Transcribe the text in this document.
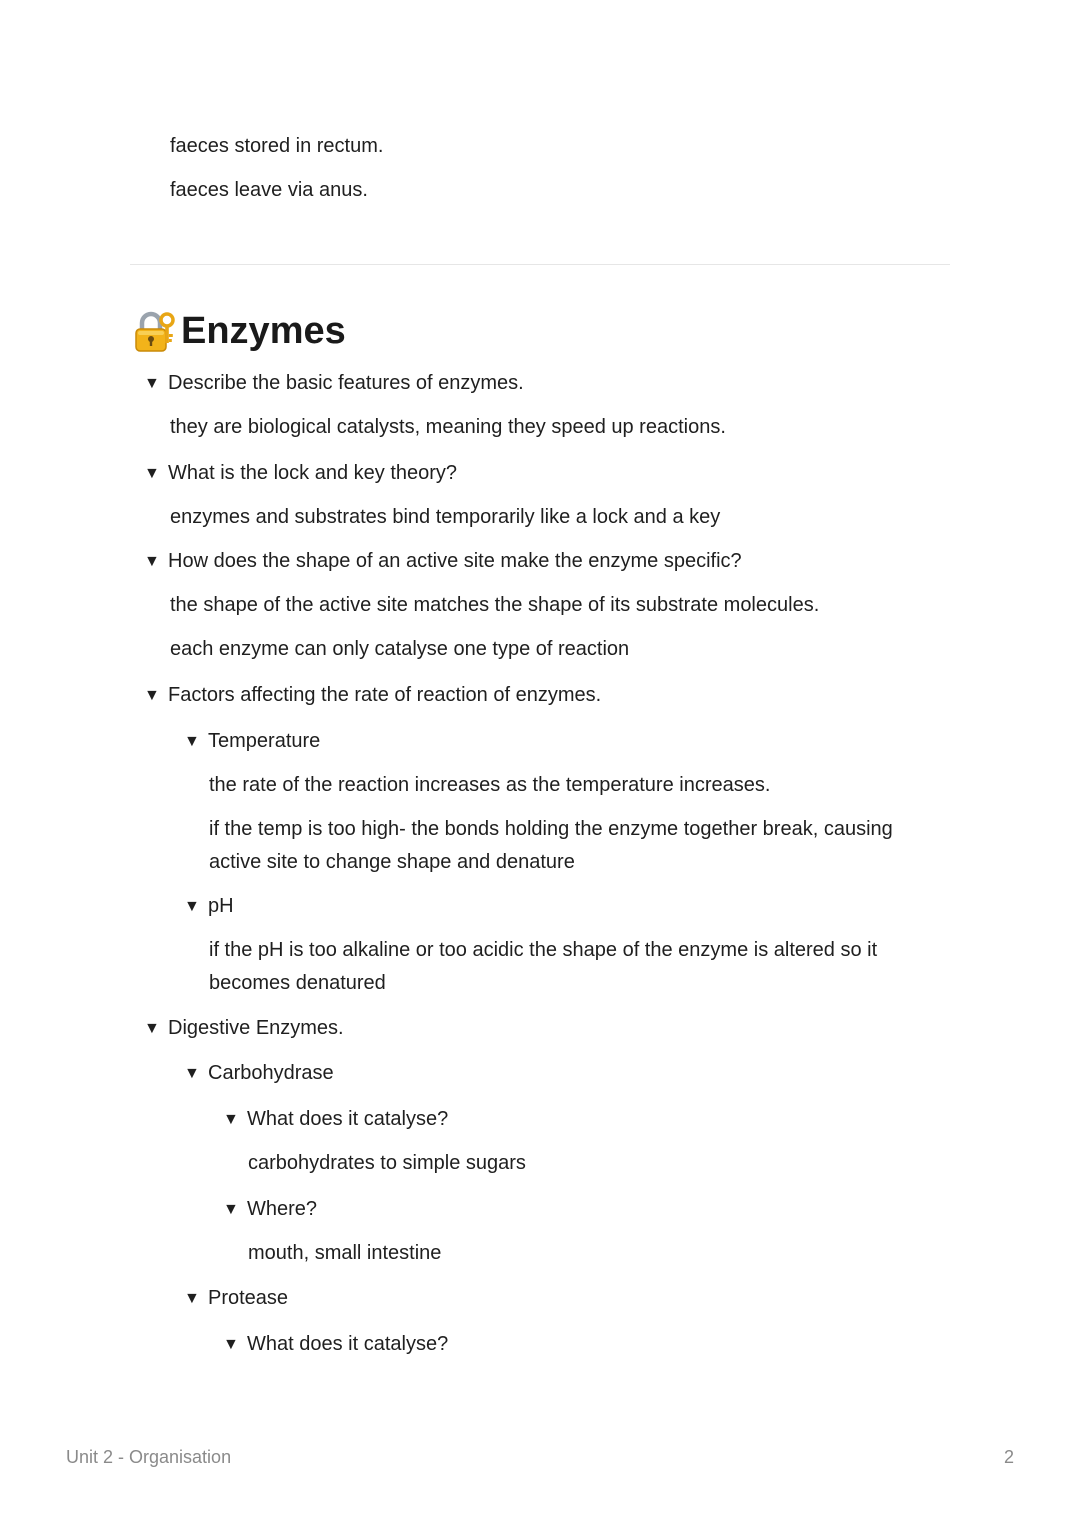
faeces stored in rectum.
faeces leave via anus.
Enzymes
▼ Describe the basic features of enzymes.
they are biological catalysts, meaning they speed up reactions.
▼ What is the lock and key theory?
enzymes and substrates bind temporarily like a lock and a key
▼ How does the shape of an active site make the enzyme specific?
the shape of the active site matches the shape of its substrate molecules.
each enzyme can only catalyse one type of reaction
▼ Factors affecting the rate of reaction of enzymes.
▼ Temperature
the rate of the reaction increases as the temperature increases.
if the temp is too high- the bonds holding the enzyme together break, causing active site to change shape and denature
▼ pH
if the pH is too alkaline or too acidic the shape of the enzyme is altered so it becomes denatured
▼ Digestive Enzymes.
▼ Carbohydrase
▼ What does it catalyse?
carbohydrates to simple sugars
▼ Where?
mouth, small intestine
▼ Protease
▼ What does it catalyse?
Unit 2 - Organisation	2
